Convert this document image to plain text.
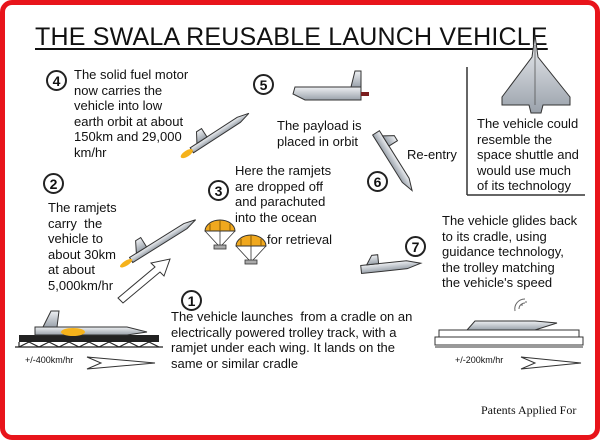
THE SWALA REUSABLE LAUNCH VEHICLE
4	5
2	3
6
7
1
The solid fuel motor
now carries the
vehicle into low
earth orbit at about
150km and 29,000
km/hr
The payload is
placed in orbit
The ramjets
carry  the
vehicle to
about 30km
at about
5,000km/hr
Here the ramjets
are dropped off
and parachuted
into the ocean
for retrieval
Re-entry
The vehicle glides back
to its cradle, using
guidance technology,
the trolley matching
the vehicle's speed
The vehicle launches  from a cradle on an
electrically powered trolley track, with a
ramjet under each wing. It lands on the
same or similar cradle
The vehicle could
resemble the
space shuttle and
would use much
of its technology
+/-400km/hr	+/-200km/hr
Patents Applied For
